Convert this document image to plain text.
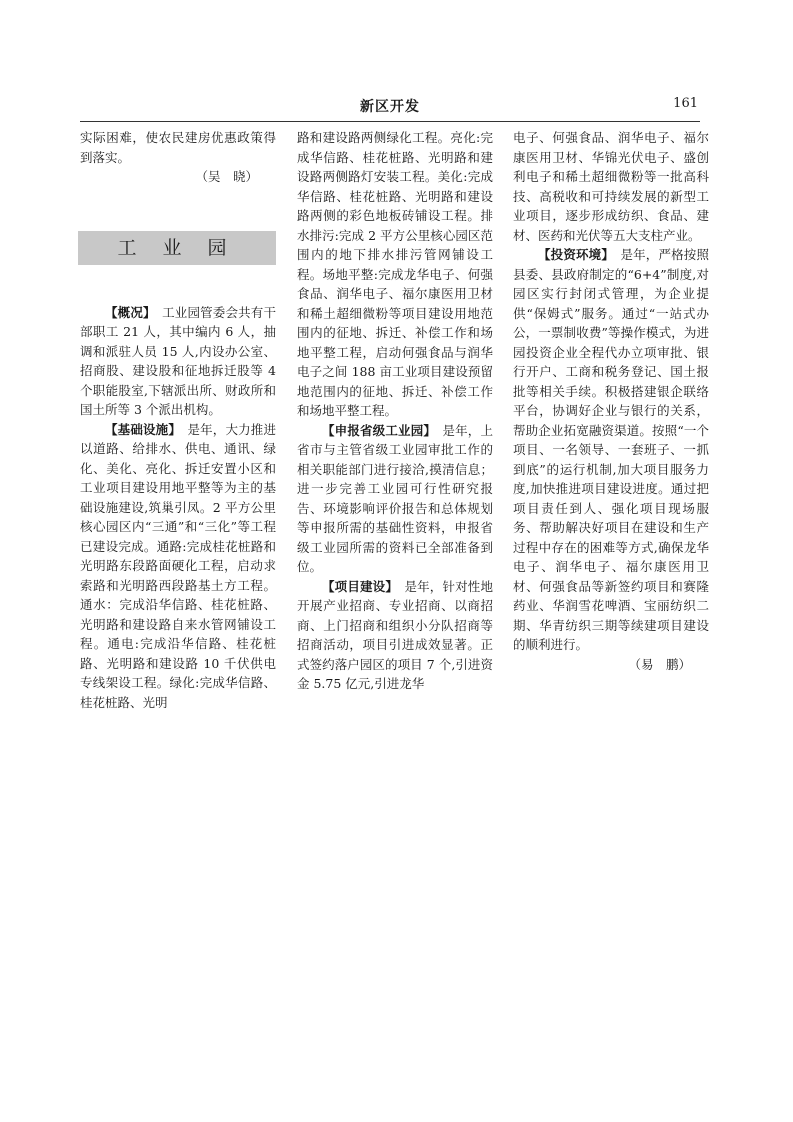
新区开发	161

实际困难，使农民建房优惠政策得到落实。

（吴　晓）

工 业 园

【概况】  工业园管委会共有干部职工 21 人，其中编内 6 人，抽调和派驻人员 15 人,内设办公室、招商股、建设股和征地拆迁股等 4 个职能股室,下辖派出所、财政所和国土所等 3 个派出机构。

【基础设施】  是年，大力推进以道路、给排水、供电、通讯、绿化、美化、亮化、拆迁安置小区和工业项目建设用地平整等为主的基础设施建设,筑巢引凤。2 平方公里核心园区内“三通”和“三化”等工程已建设完成。通路:完成桂花桩路和光明路东段路面硬化工程，启动求索路和光明路西段路基土方工程。通水：完成沿华信路、桂花桩路、光明路和建设路自来水管网铺设工程。通电:完成沿华信路、桂花桩路、光明路和建设路 10 千伏供电专线架设工程。绿化:完成华信路、桂花桩路、光明

路和建设路两侧绿化工程。亮化:完成华信路、桂花桩路、光明路和建设路两侧路灯安装工程。美化:完成华信路、桂花桩路、光明路和建设路两侧的彩色地板砖铺设工程。排水排污:完成 2 平方公里核心园区范围内的地下排水排污管网铺设工程。场地平整:完成龙华电子、何强食品、润华电子、福尔康医用卫材和稀土超细微粉等项目建设用地范围内的征地、拆迁、补偿工作和场地平整工程，启动何强食品与润华电子之间 188 亩工业项目建设预留地范围内的征地、拆迁、补偿工作和场地平整工程。

【申报省级工业园】  是年，上省市与主管省级工业园审批工作的相关职能部门进行接洽,摸清信息；进一步完善工业园可行性研究报告、环境影响评价报告和总体规划等申报所需的基础性资料，申报省级工业园所需的资料已全部准备到位。

【项目建设】  是年，针对性地开展产业招商、专业招商、以商招商、上门招商和组织小分队招商等招商活动，项目引进成效显著。正式签约落户园区的项目 7 个,引进资金 5.75 亿元,引进龙华

电子、何强食品、润华电子、福尔康医用卫材、华锦光伏电子、盛创利电子和稀土超细微粉等一批高科技、高税收和可持续发展的新型工业项目，逐步形成纺织、食品、建材、医药和光伏等五大支柱产业。

【投资环境】  是年，严格按照县委、县政府制定的“6+4”制度,对园区实行封闭式管理，为企业提供“保姆式”服务。通过“一站式办公，一票制收费”等操作模式，为进园投资企业全程代办立项审批、银行开户、工商和税务登记、国土报批等相关手续。积极搭建银企联络平台，协调好企业与银行的关系，帮助企业拓宽融资渠道。按照“一个项目、一名领导、一套班子、一抓到底”的运行机制,加大项目服务力度,加快推进项目建设进度。通过把项目责任到人、强化项目现场服务、帮助解决好项目在建设和生产过程中存在的困难等方式,确保龙华电子、润华电子、福尔康医用卫材、何强食品等新签约项目和赛隆药业、华润雪花啤酒、宝丽纺织二期、华青纺织三期等续建项目建设的顺利进行。

（易　鹏）
